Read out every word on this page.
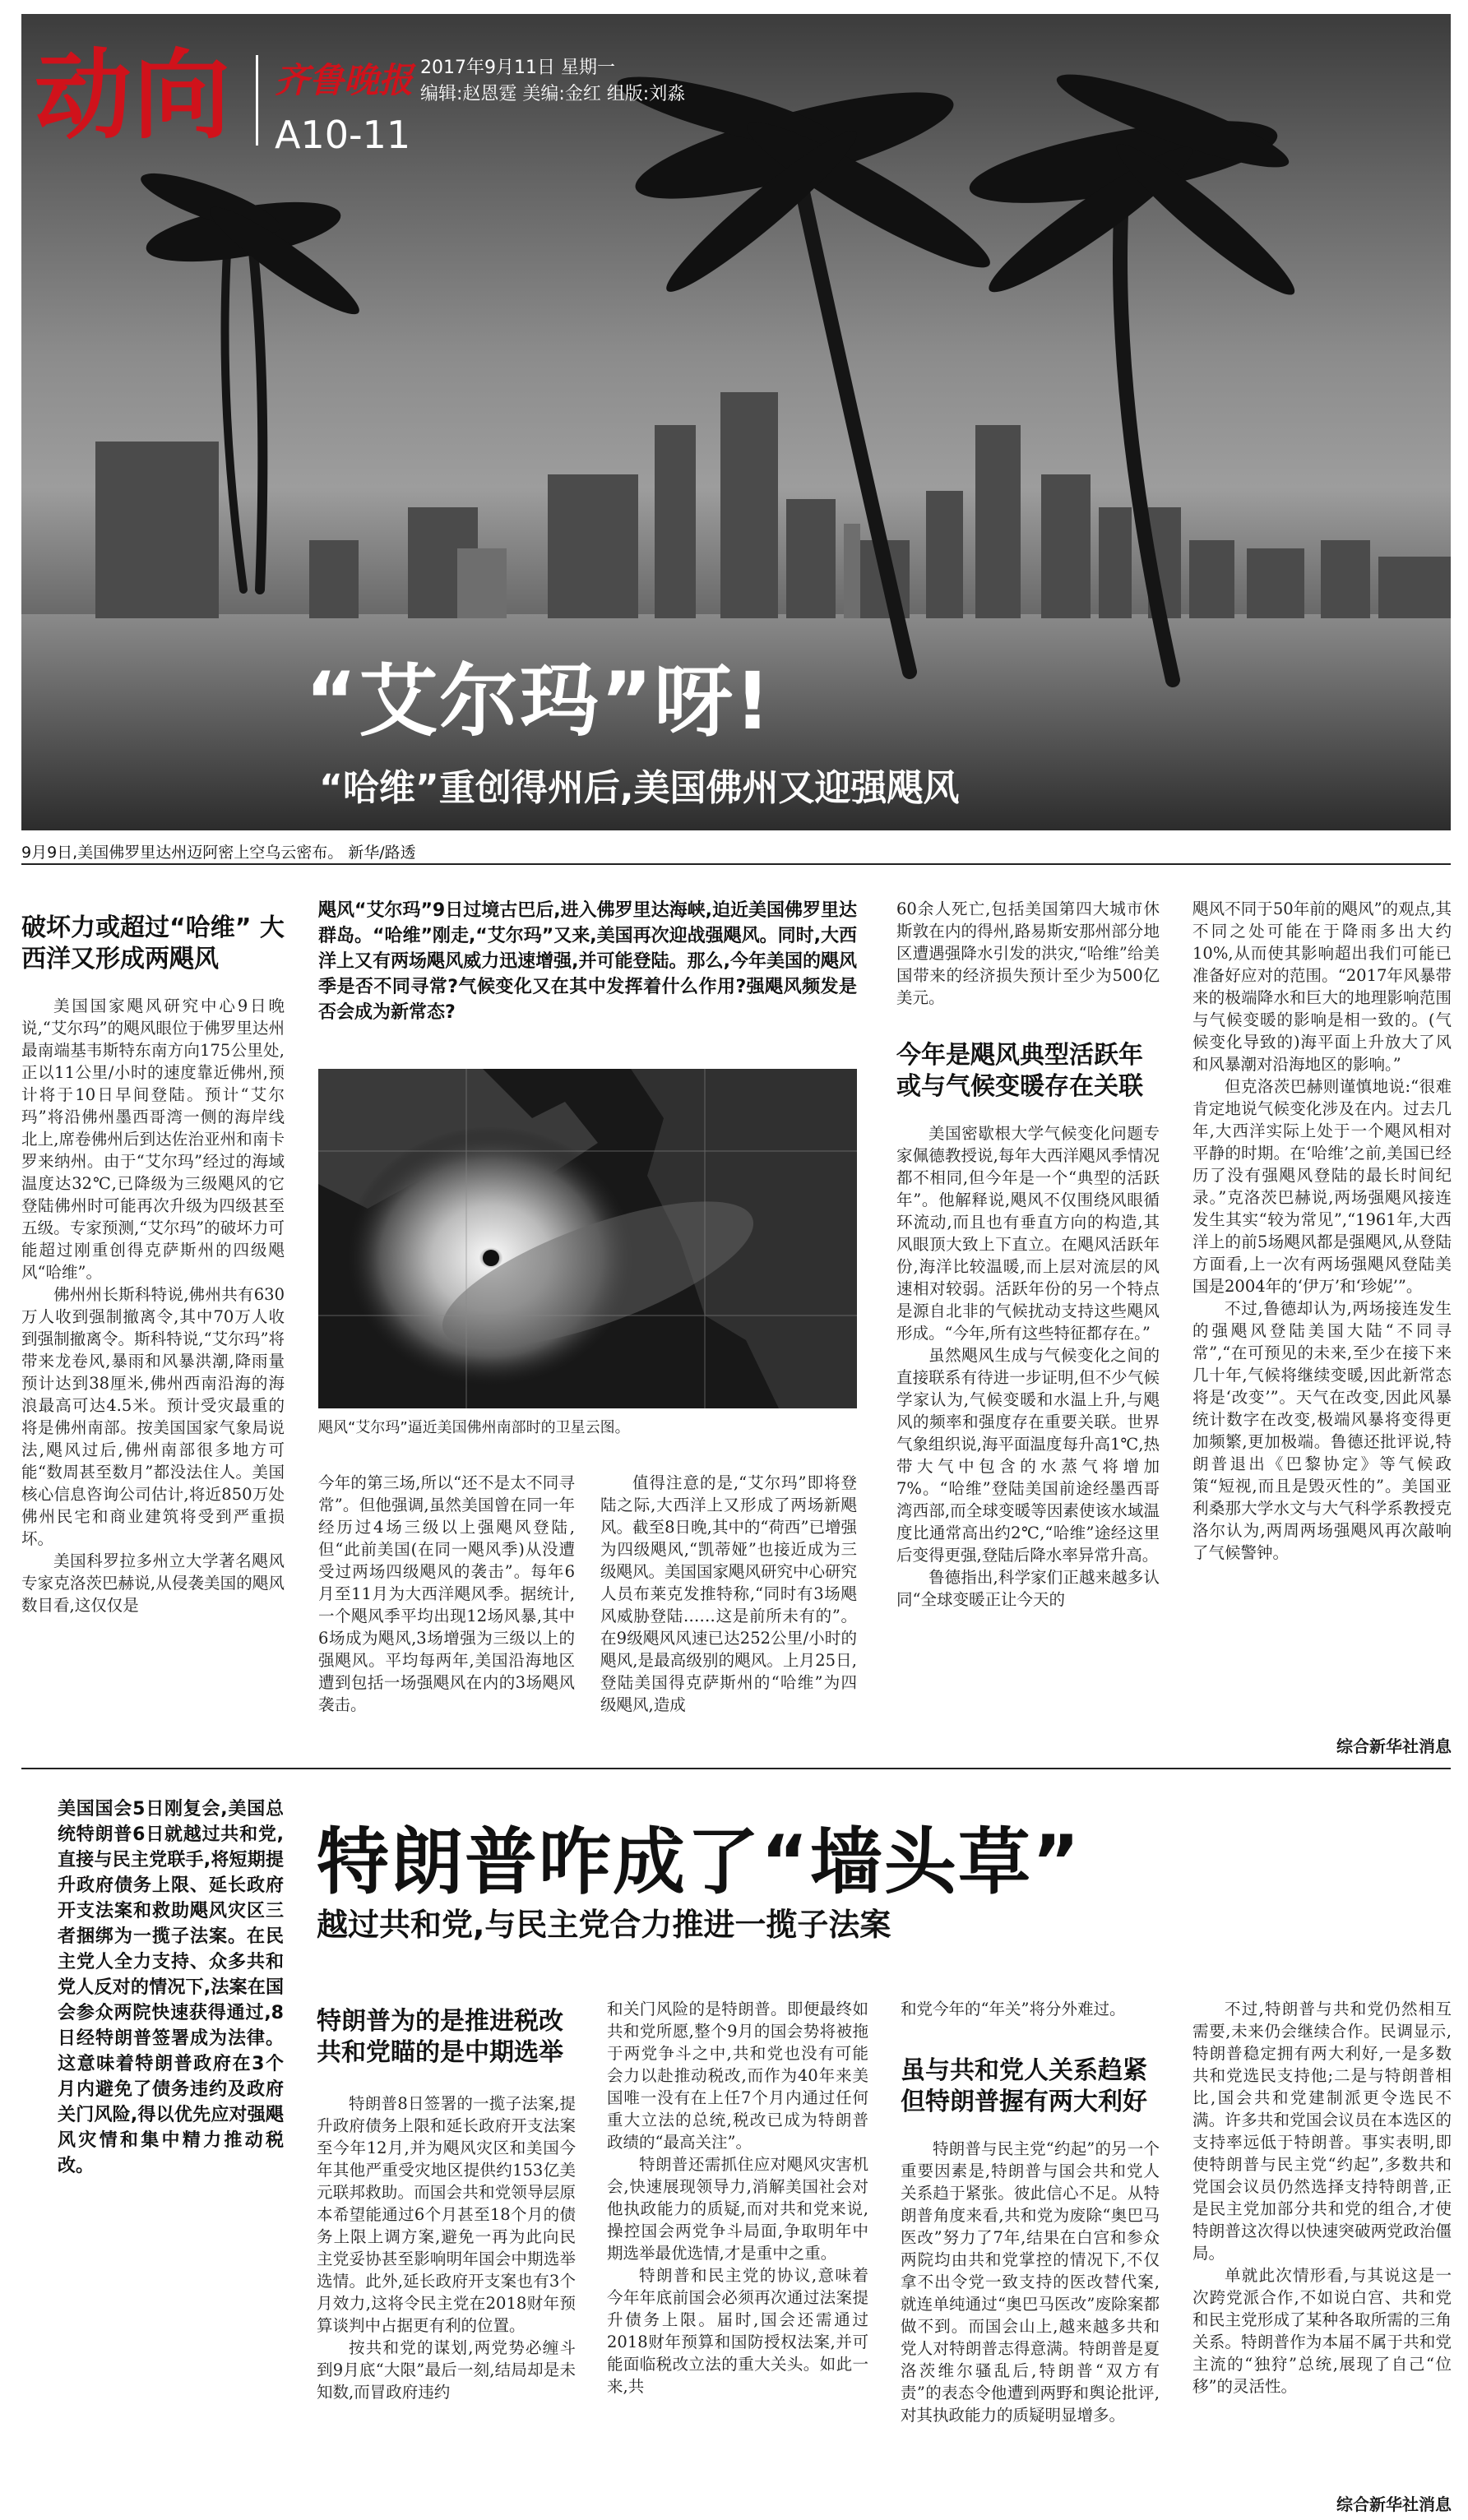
动向 齐鲁晚报
A10-11
2017年9月11日 星期一
编辑:赵恩霆 美编:金红 组版:刘淼
“艾尔玛”呀!
“哈维”重创得州后,美国佛州又迎强飓风
9月9日,美国佛罗里达州迈阿密上空乌云密布。 新华/路透
破坏力或超过“哈维” 大西洋又形成两飓风

美国国家飓风研究中心9日晚说,“艾尔玛”的飓风眼位于佛罗里达州最南端基韦斯特东南方向175公里处,正以11公里/小时的速度靠近佛州,预计将于10日早间登陆。预计“艾尔玛”将沿佛州墨西哥湾一侧的海岸线北上,席卷佛州后到达佐治亚州和南卡罗来纳州。由于“艾尔玛”经过的海域温度达32℃,已降级为三级飓风的它登陆佛州时可能再次升级为四级甚至五级。专家预测,“艾尔玛”的破坏力可能超过刚重创得克萨斯州的四级飓风“哈维”。

佛州州长斯科特说,佛州共有630万人收到强制撤离令,其中70万人收到强制撤离令。斯科特说,“艾尔玛”将带来龙卷风,暴雨和风暴洪潮,降雨量预计达到38厘米,佛州西南沿海的海浪最高可达4.5米。预计受灾最重的将是佛州南部。按美国国家气象局说法,飓风过后,佛州南部很多地方可能“数周甚至数月”都没法住人。美国核心信息咨询公司估计,将近850万处佛州民宅和商业建筑将受到严重损坏。

美国科罗拉多州立大学著名飓风专家克洛茨巴赫说,从侵袭美国的飓风数目看,这仅仅是

飓风“艾尔玛”9日过境古巴后,进入佛罗里达海峡,迫近美国佛罗里达群岛。“哈维”刚走,“艾尔玛”又来,美国再次迎战强飓风。同时,大西洋上又有两场飓风威力迅速增强,并可能登陆。那么,今年美国的飓风季是否不同寻常?气候变化又在其中发挥着什么作用?强飓风频发是否会成为新常态?
飓风“艾尔玛”逼近美国佛州南部时的卫星云图。

今年的第三场,所以“还不是太不同寻常”。但他强调,虽然美国曾在同一年经历过4场三级以上强飓风登陆,但“此前美国(在同一飓风季)从没遭受过两场四级飓风的袭击”。每年6月至11月为大西洋飓风季。据统计,一个飓风季平均出现12场风暴,其中6场成为飓风,3场增强为三级以上的强飓风。平均每两年,美国沿海地区遭到包括一场强飓风在内的3场飓风袭击。

值得注意的是,“艾尔玛”即将登陆之际,大西洋上又形成了两场新飓风。截至8日晚,其中的“荷西”已增强为四级飓风,“凯蒂娅”也接近成为三级飓风。美国国家飓风研究中心研究人员布莱克发推特称,“同时有3场飓风威胁登陆……这是前所未有的”。在9级飓风风速已达252公里/小时的飓风,是最高级别的飓风。上月25日,登陆美国得克萨斯州的“哈维”为四级飓风,造成

60余人死亡,包括美国第四大城市休斯敦在内的得州,路易斯安那州部分地区遭遇强降水引发的洪灾,“哈维”给美国带来的经济损失预计至少为500亿美元。

今年是飓风典型活跃年 或与气候变暖存在关联

美国密歇根大学气候变化问题专家佩德教授说,每年大西洋飓风季情况都不相同,但今年是一个“典型的活跃年”。他解释说,飓风不仅围绕风眼循环流动,而且也有垂直方向的构造,其风眼顶大致上下直立。在飓风活跃年份,海洋比较温暖,而上层对流层的风速相对较弱。活跃年份的另一个特点是源自北非的气候扰动支持这些飓风形成。“今年,所有这些特征都存在。”

虽然飓风生成与气候变化之间的直接联系有待进一步证明,但不少气候学家认为,气候变暖和水温上升,与飓风的频率和强度存在重要关联。世界气象组织说,海平面温度每升高1℃,热带大气中包含的水蒸气将增加7%。“哈维”登陆美国前途经墨西哥湾西部,而全球变暖等因素使该水域温度比通常高出约2℃,“哈维”途经这里后变得更强,登陆后降水率异常升高。

鲁德指出,科学家们正越来越多认同“全球变暖正让今天的

飓风不同于50年前的飓风”的观点,其不同之处可能在于降雨多出大约10%,从而使其影响超出我们可能已准备好应对的范围。“2017年风暴带来的极端降水和巨大的地理影响范围与气候变暖的影响是相一致的。(气候变化导致的)海平面上升放大了风和风暴潮对沿海地区的影响。”

但克洛茨巴赫则谨慎地说:“很难肯定地说气候变化涉及在内。过去几年,大西洋实际上处于一个飓风相对平静的时期。在‘哈维’之前,美国已经历了没有强飓风登陆的最长时间纪录。”克洛茨巴赫说,两场强飓风接连发生其实“较为常见”,“1961年,大西洋上的前5场飓风都是强飓风,从登陆方面看,上一次有两场强飓风登陆美国是2004年的‘伊万’和‘珍妮’”。

不过,鲁德却认为,两场接连发生的强飓风登陆美国大陆“不同寻常”,“在可预见的未来,至少在接下来几十年,气候将继续变暖,因此新常态将是‘改变’”。天气在改变,因此风暴统计数字在改变,极端风暴将变得更加频繁,更加极端。鲁德还批评说,特朗普退出《巴黎协定》等气候政策“短视,而且是毁灭性的”。美国亚利桑那大学水文与大气科学系教授克洛尔认为,两周两场强飓风再次敲响了气候警钟。

综合新华社消息
美国国会5日刚复会,美国总统特朗普6日就越过共和党,直接与民主党联手,将短期提升政府债务上限、延长政府开支法案和救助飓风灾区三者捆绑为一揽子法案。在民主党人全力支持、众多共和党人反对的情况下,法案在国会参众两院快速获得通过,8日经特朗普签署成为法律。这意味着特朗普政府在3个月内避免了债务违约及政府关门风险,得以优先应对强飓风灾情和集中精力推动税改。
特朗普咋成了“墙头草”
越过共和党,与民主党合力推进一揽子法案
特朗普为的是推进税改 共和党瞄的是中期选举

特朗普8日签署的一揽子法案,提升政府债务上限和延长政府开支法案至今年12月,并为飓风灾区和美国今年其他严重受灾地区提供约153亿美元联邦救助。而国会共和党领导层原本希望能通过6个月甚至18个月的债务上限上调方案,避免一再为此向民主党妥协甚至影响明年国会中期选举选情。此外,延长政府开支案也有3个月效力,这将令民主党在2018财年预算谈判中占据更有利的位置。

按共和党的谋划,两党势必缠斗到9月底“大限”最后一刻,结局却是未知数,而冒政府违约

和关门风险的是特朗普。即便最终如共和党所愿,整个9月的国会势将被拖于两党争斗之中,共和党也没有可能会力以赴推动税改,而作为40年来美国唯一没有在上任7个月内通过任何重大立法的总统,税改已成为特朗普政绩的“最高关注”。

特朗普还需抓住应对飓风灾害机会,快速展现领导力,消解美国社会对他执政能力的质疑,而对共和党来说,操控国会两党争斗局面,争取明年中期选举最优选情,才是重中之重。

特朗普和民主党的协议,意味着今年年底前国会必须再次通过法案提升债务上限。届时,国会还需通过2018财年预算和国防授权法案,并可能面临税改立法的重大关头。如此一来,共

和党今年的“年关”将分外难过。

虽与共和党人关系趋紧 但特朗普握有两大利好

特朗普与民主党“约起”的另一个重要因素是,特朗普与国会共和党人关系趋于紧张。彼此信心不足。从特朗普角度来看,共和党为废除“奥巴马医改”努力了7年,结果在白宫和参众两院均由共和党掌控的情况下,不仅拿不出令党一致支持的医改替代案,就连单纯通过“奥巴马医改”废除案都做不到。而国会山上,越来越多共和党人对特朗普志得意满。特朗普是夏洛茨维尔骚乱后,特朗普“双方有责”的表态令他遭到两野和舆论批评,对其执政能力的质疑明显增多。

不过,特朗普与共和党仍然相互需要,未来仍会继续合作。民调显示,特朗普稳定拥有两大利好,一是多数共和党选民支持他;二是与特朗普相比,国会共和党建制派更令选民不满。许多共和党国会议员在本选区的支持率远低于特朗普。事实表明,即使特朗普与民主党“约起”,多数共和党国会议员仍然选择支持特朗普,正是民主党加部分共和党的组合,才使特朗普这次得以快速突破两党政治僵局。

单就此次情形看,与其说这是一次跨党派合作,不如说白宫、共和党和民主党形成了某种各取所需的三角关系。特朗普作为本届不属于共和党主流的“独狩”总统,展现了自己“位移”的灵活性。

综合新华社消息
